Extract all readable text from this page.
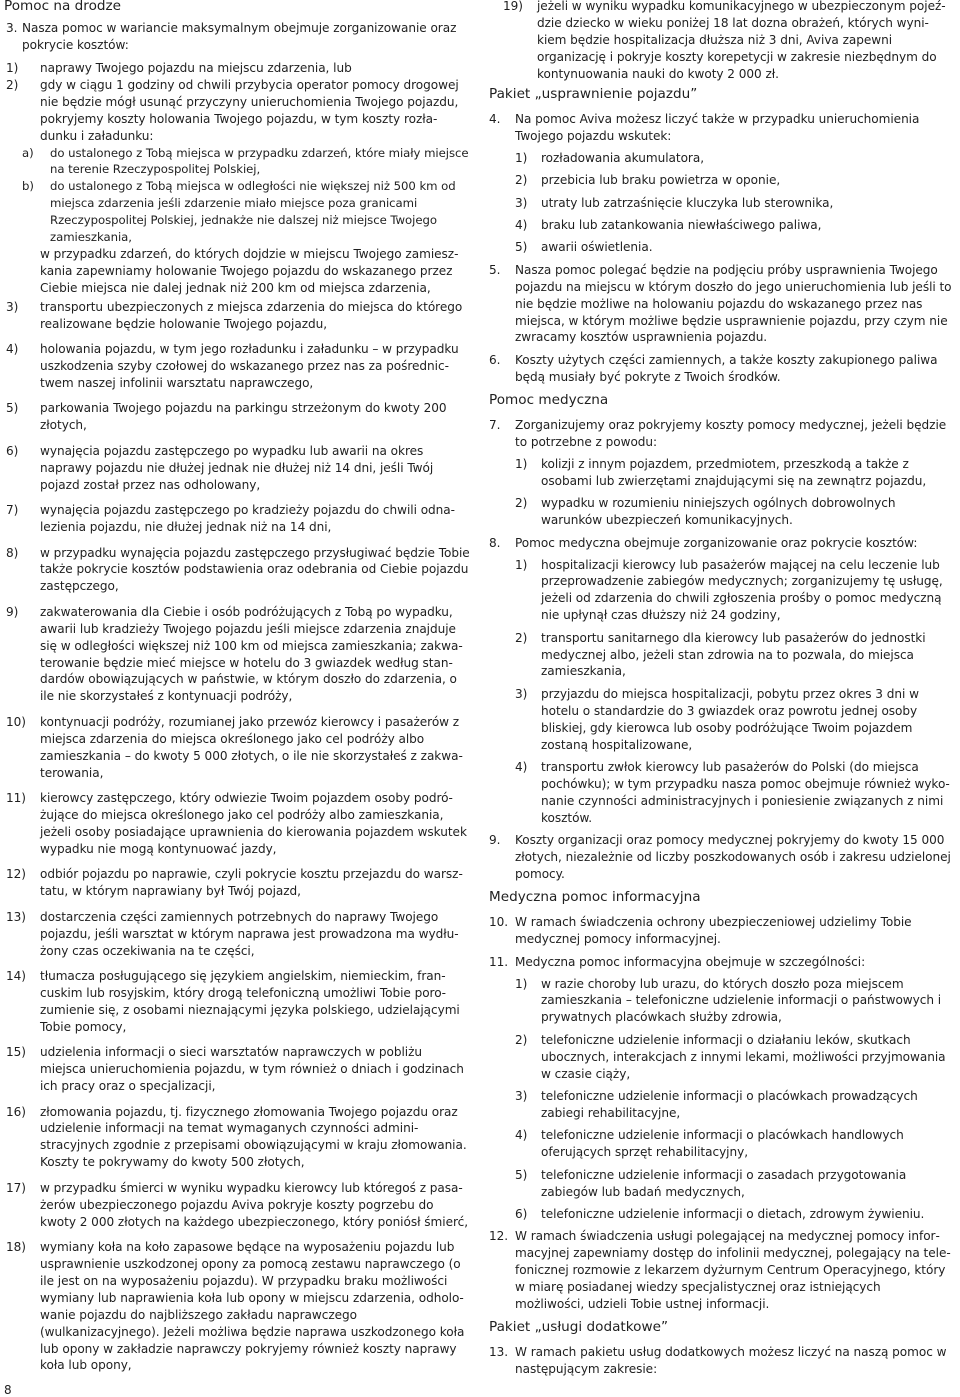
Pomoc na drodze
3. Nasza pomoc w wariancie maksymalnym obejmuje zorganizowanie oraz pokrycie kosztów:
1)	naprawy Twojego pojazdu na miejscu zdarzenia, lub
2)	gdy w ciągu 1 godziny od chwili przybycia operator pomocy drogowej nie będzie mógł usunąć przyczyny unieruchomienia Twojego pojazdu, pokryjemy koszty holowania Twojego pojazdu, w tym koszty rozładunku i załadunku:
a)	do ustalonego z Tobą miejsca w przypadku zdarzeń, które miały miejsce na terenie Rzeczypospolitej Polskiej,
b)	do ustalonego z Tobą miejsca w odległości nie większej niż 500 km od miejsca zdarzenia jeśli zdarzenie miało miejsce poza granicami Rzeczypospolitej Polskiej, jednakże nie dalszej niż miejsce Twojego zamieszkania,
w przypadku zdarzeń, do których dojdzie w miejscu Twojego zamieszkania zapewniamy holowanie Twojego pojazdu do wskazanego przez Ciebie miejsca nie dalej jednak niż 200 km od miejsca zdarzenia,
3)	transportu ubezpieczonych z miejsca zdarzenia do miejsca do którego realizowane będzie holowanie Twojego pojazdu,
4)	holowania pojazdu, w tym jego rozładunku i załadunku – w przypadku uszkodzenia szyby czołowej do wskazanego przez nas za pośrednictwem naszej infolinii warsztatu naprawczego,
5)	parkowania Twojego pojazdu na parkingu strzeżonym do kwoty 200 złotych,
6)	wynajęcia pojazdu zastępczego po wypadku lub awarii na okres naprawy pojazdu nie dłużej jednak nie dłużej niż 14 dni, jeśli Twój pojazd został przez nas odholowany,
7)	wynajęcia pojazdu zastępczego po kradzieży pojazdu do chwili odnalezienia pojazdu, nie dłużej jednak niż na 14 dni,
8)	w przypadku wynajęcia pojazdu zastępczego przysługiwać będzie Tobie także pokrycie kosztów podstawienia oraz odebrania od Ciebie pojazdu zastępczego,
9)	zakwaterowania dla Ciebie i osób podróżujących z Tobą po wypadku, awarii lub kradzieży Twojego pojazdu jeśli miejsce zdarzenia znajduje się w odległości większej niż 100 km od miejsca zamieszkania; zakwaterowanie będzie mieć miejsce w hotelu do 3 gwiazdek według standardów obowiązujących w państwie, w którym doszło do zdarzenia, o ile nie skorzystałeś z kontynuacji podróży,
10)	kontynuacji podróży, rozumianej jako przewóz kierowcy i pasażerów z miejsca zdarzenia do miejsca określonego jako cel podróży albo zamieszkania – do kwoty 5 000 złotych, o ile nie skorzystałeś z zakwaterowania,
11)	kierowcy zastępczego, który odwiezie Twoim pojazdem osoby podróżujące do miejsca określonego jako cel podróży albo zamieszkania, jeżeli osoby posiadające uprawnienia do kierowania pojazdem wskutek wypadku nie mogą kontynuować jazdy,
12)	odbiór pojazdu po naprawie, czyli pokrycie kosztu przejazdu do warsztatu, w którym naprawiany był Twój pojazd,
13)	dostarczenia części zamiennych potrzebnych do naprawy Twojego pojazdu, jeśli warsztat w którym naprawa jest prowadzona ma wydłużony czas oczekiwania na te części,
14)	tłumacza posługującego się językiem angielskim, niemieckim, francuskim lub rosyjskim, który drogą telefoniczną umożliwi Tobie porozumienie się, z osobami nieznającymi języka polskiego, udzielającymi Tobie pomocy,
15)	udzielenia informacji o sieci warsztatów naprawczych w pobliżu miejsca unieruchomienia pojazdu, w tym również o dniach i godzinach ich pracy oraz o specjalizacji,
16)	złomowania pojazdu, tj. fizycznego złomowania Twojego pojazdu oraz udzielenie informacji na temat wymaganych czynności administracyjnych zgodnie z przepisami obowiązującymi w kraju złomowania. Koszty te pokrywamy do kwoty 500 złotych,
17)	w przypadku śmierci w wyniku wypadku kierowcy lub któregoś z pasażerów ubezpieczonego pojazdu Aviva pokryje koszty pogrzebu do kwoty 2 000 złotych na każdego ubezpieczonego, który poniósł śmierć,
18)	wymiany koła na koło zapasowe będące na wyposażeniu pojazdu lub usprawnienie uszkodzonej opony za pomocą zestawu naprawczego (o ile jest on na wyposażeniu pojazdu). W przypadku braku możliwości wymiany lub naprawienia koła lub opony w miejscu zdarzenia, odholowanie pojazdu do najbliższego zakładu naprawczego (wulkanizacyjnego). Jeżeli możliwa będzie naprawa uszkodzonego koła lub opony w zakładzie naprawczy pokryjemy również koszty naprawy koła lub opony,
19)	jeżeli w wyniku wypadku komunikacyjnego w ubezpieczonym pojeździe dziecko w wieku poniżej 18 lat dozna obrażeń, których wynikiem będzie hospitalizacja dłuższa niż 3 dni, Aviva zapewni organizację i pokryje koszty korepetycji w zakresie niezbędnym do kontynuowania nauki do kwoty 2 000 zł.
Pakiet „usprawnienie pojazdu”
4.	Na pomoc Aviva możesz liczyć także w przypadku unieruchomienia Twojego pojazdu wskutek:
1)	rozładowania akumulatora,
2)	przebicia lub braku powietrza w oponie,
3)	utraty lub zatrzaśnięcie kluczyka lub sterownika,
4)	braku lub zatankowania niewłaściwego paliwa,
5)	awarii oświetlenia.
5.	Nasza pomoc polegać będzie na podjęciu próby usprawnienia Twojego pojazdu na miejscu w którym doszło do jego unieruchomienia lub jeśli to nie będzie możliwe na holowaniu pojazdu do wskazanego przez nas miejsca, w którym możliwe będzie usprawnienie pojazdu, przy czym nie zwracamy kosztów usprawnienia pojazdu.
6.	Koszty użytych części zamiennych, a także koszty zakupionego paliwa będą musiały być pokryte z Twoich środków.
Pomoc medyczna
7.	Zorganizujemy oraz pokryjemy koszty pomocy medycznej, jeżeli będzie to potrzebne z powodu:
1)	kolizji z innym pojazdem, przedmiotem, przeszkodą a także z osobami lub zwierzętami znajdującymi się na zewnątrz pojazdu,
2)	wypadku w rozumieniu niniejszych ogólnych dobrowolnych warunków ubezpieczeń komunikacyjnych.
8.	Pomoc medyczna obejmuje zorganizowanie oraz pokrycie kosztów:
1)	hospitalizacji kierowcy lub pasażerów mającej na celu leczenie lub przeprowadzenie zabiegów medycznych; zorganizujemy tę usługę, jeżeli od zdarzenia do chwili zgłoszenia prośby o pomoc medyczną nie upłynął czas dłuższy niż 24 godziny,
2)	transportu sanitarnego dla kierowcy lub pasażerów do jednostki medycznej albo, jeżeli stan zdrowia na to pozwala, do miejsca zamieszkania,
3)	przyjazdu do miejsca hospitalizacji, pobytu przez okres 3 dni w hotelu o standardzie do 3 gwiazdek oraz powrotu jednej osoby bliskiej, gdy kierowca lub osoby podróżujące Twoim pojazdem zostaną hospitalizowane,
4)	transportu zwłok kierowcy lub pasażerów do Polski (do miejsca pochówku); w tym przypadku nasza pomoc obejmuje również wykonanie czynności administracyjnych i poniesienie związanych z nimi kosztów.
9.	Koszty organizacji oraz pomocy medycznej pokryjemy do kwoty 15 000 złotych, niezależnie od liczby poszkodowanych osób i zakresu udzielonej pomocy.
Medyczna pomoc informacyjna
10. W ramach świadczenia ochrony ubezpieczeniowej udzielimy Tobie medycznej pomocy informacyjnej.
11. Medyczna pomoc informacyjna obejmuje w szczególności:
1)	w razie choroby lub urazu, do których doszło poza miejscem zamieszkania – telefoniczne udzielenie informacji o państwowych i prywatnych placówkach służby zdrowia,
2)	telefoniczne udzielenie informacji o działaniu leków, skutkach ubocznych, interakcjach z innymi lekami, możliwości przyjmowania w czasie ciąży,
3)	telefoniczne udzielenie informacji o placówkach prowadzących zabiegi rehabilitacyjne,
4)	telefoniczne udzielenie informacji o placówkach handlowych oferujących sprzęt rehabilitacyjny,
5)	telefoniczne udzielenie informacji o zasadach przygotowania zabiegów lub badań medycznych,
6)	telefoniczne udzielenie informacji o dietach, zdrowym żywieniu.
12. W ramach świadczenia usługi polegającej na medycznej pomocy informacyjnej zapewniamy dostęp do infolinii medycznej, polegający na telefonicznej rozmowie z lekarzem dyżurnym Centrum Operacyjnego, który w miarę posiadanej wiedzy specjalistycznej oraz istniejących możliwości, udzieli Tobie ustnej informacji.
Pakiet „usługi dodatkowe”
13. W ramach pakietu usług dodatkowych możesz liczyć na naszą pomoc w następującym zakresie:
8
